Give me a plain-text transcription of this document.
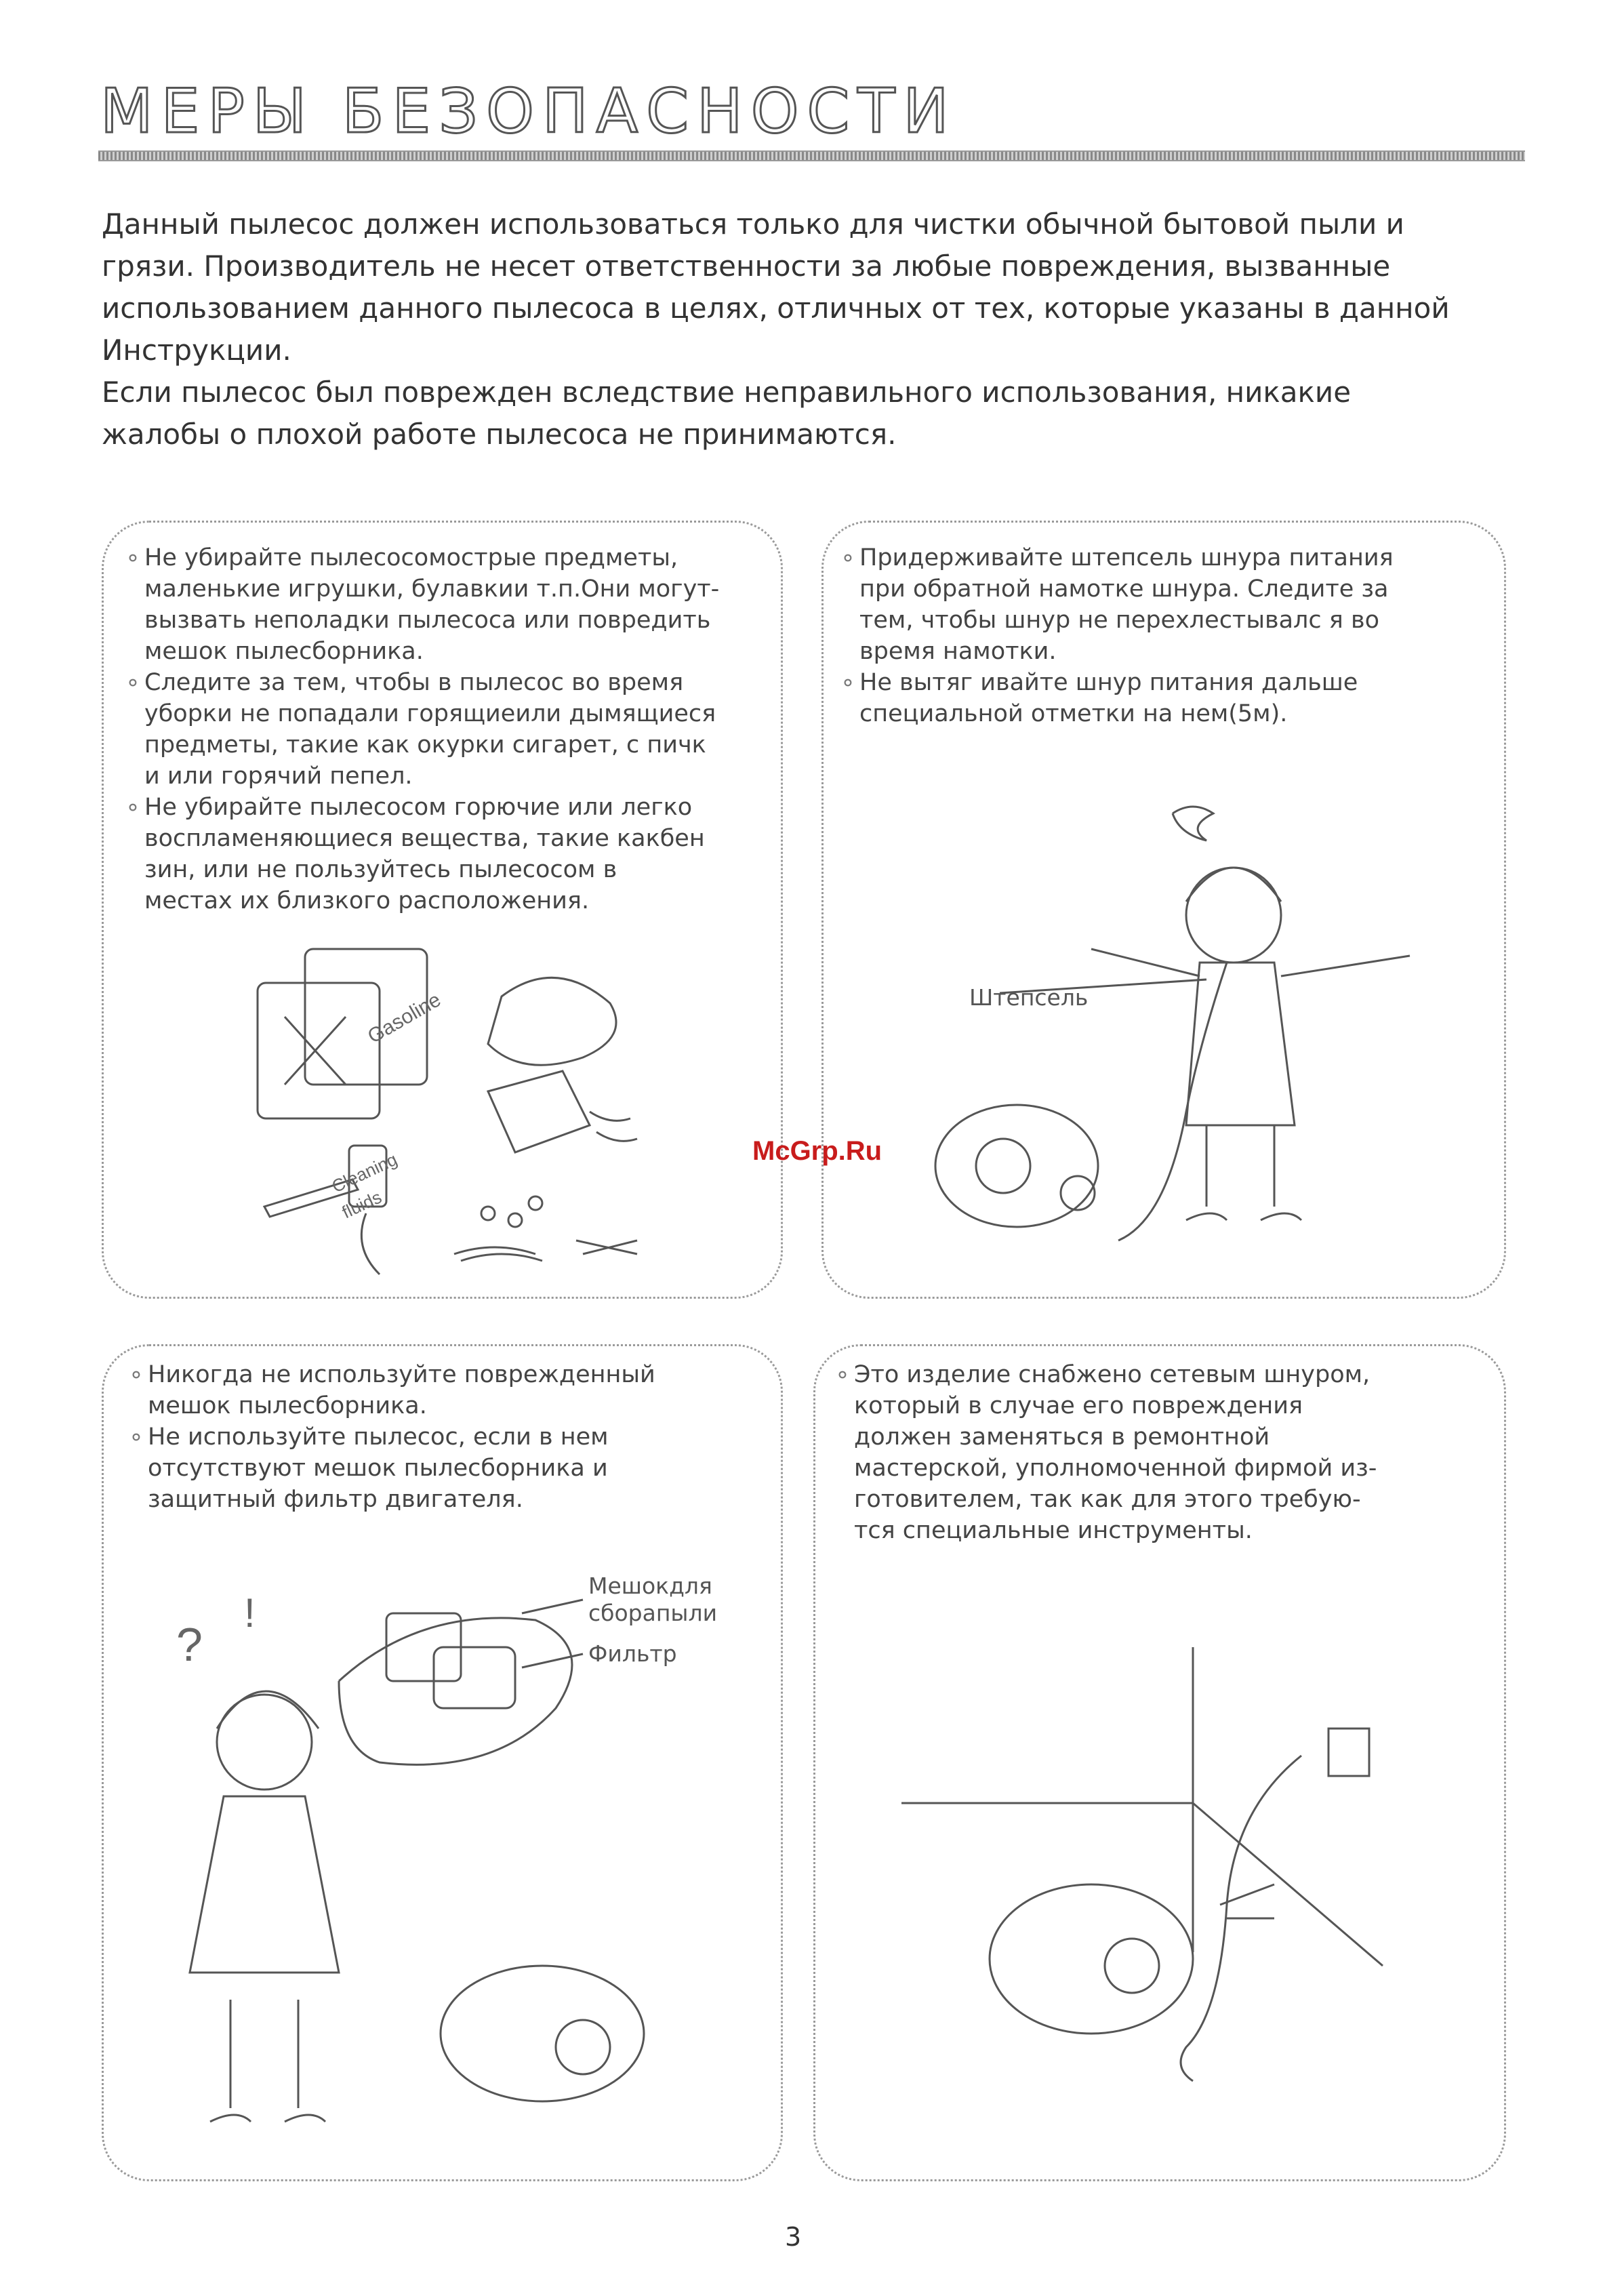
МЕРЫ БЕЗОПАСНОСТИ

Данный пылесос должен использоваться только для чистки обычной бытовой пыли и

грязи. Производитель не несет ответственности за любые повреждения, вызванные

использованием данного пылесоса в целях, отличных от тех, которые указаны в данной

Инструкции.

Если пылесос был поврежден вследствие неправильного использования, никакие

жалобы о плохой работе пылесоса не принимаются.

∘ Не убирайте пылесосомострые предметы,
маленькие игрушки, булавкии т.п.Они могут-
вызвать неполадки пылесоса или повредить
мешок пылесборника.
∘ Следите за тем, чтобы в пылесос во время
уборки не попадали горящиеили дымящиеся
предметы, такие как окурки сигарет, с пичк
и или горячий пепел.
∘ Не убирайте пылесосом горючие или легко
воспламеняющиеся вещества, такие какбен
зин, или не пользуйтесь пылесосом в
местах их близкого расположения.
Gasoline
Cleaning
fluids
∘ Придерживайте штепсель шнура питания
при обратной намотке шнура. Следите за
тем, чтобы шнур не перехлестывалс я во
время намотки.
∘ Не вытяг ивайте шнур питания дальше
специальной отметки на нем(5м).
Штепсель
∘ Никогда не используйте поврежденный
мешок пылесборника.
∘ Не используйте пылесос, если в нем
отсутствуют мешок пылесборника и
защитный фильтр двигателя.
Мешокдля
сборапыли
Фильтр
?
!
∘ Это изделие снабжено сетевым шнуром,
который в случае его повреждения
должен заменяться в ремонтной
мастерской, уполномоченной фирмой из-
готовителем, так как для этого требую-
тся специальные инструменты.
McGrp.Ru
3
